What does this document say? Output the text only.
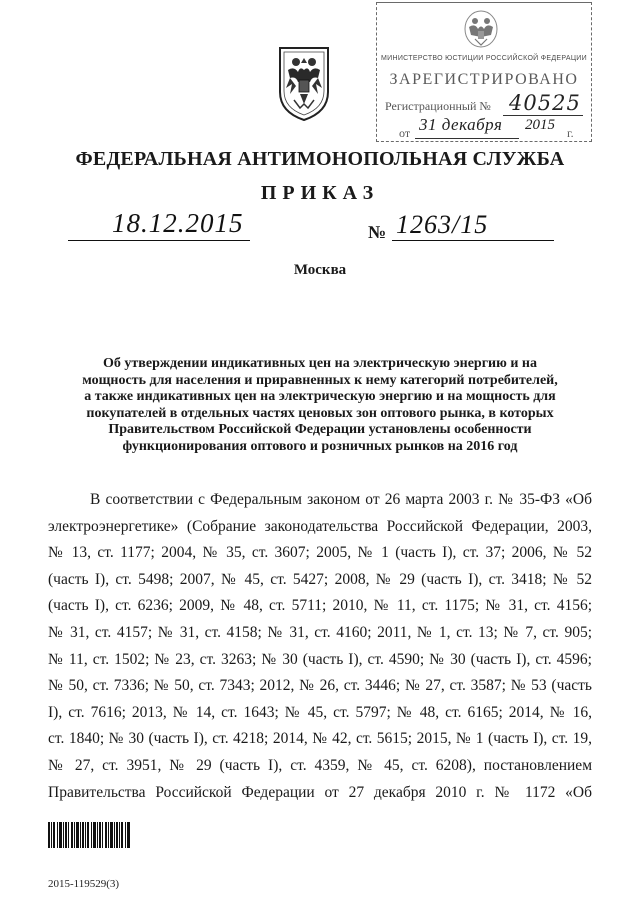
МИНИСТЕРСТВО ЮСТИЦИИ РОССИЙСКОЙ ФЕДЕРАЦИИ
ЗАРЕГИСТРИРОВАНО
Регистрационный № 40525
от 31 декабря 2015 г.
ФЕДЕРАЛЬНАЯ АНТИМОНОПОЛЬНАЯ СЛУЖБА
ПРИКАЗ
18.12.2015	№ 1263/15
Москва
Об утверждении индикативных цен на электрическую энергию и на
мощность для населения и приравненных к нему категорий потребителей,
а также индикативных цен на электрическую энергию и на мощность для
покупателей в отдельных частях ценовых зон оптового рынка, в которых
Правительством Российской Федерации установлены особенности
функционирования оптового и розничных рынков на 2016 год
В соответствии с Федеральным законом от 26 марта 2003 г. № 35-ФЗ «Об
электроэнергетике» (Собрание законодательства Российской Федерации, 2003,
№ 13, ст. 1177; 2004, № 35, ст. 3607; 2005, № 1 (часть I), ст. 37; 2006, № 52
(часть I), ст. 5498; 2007, № 45, ст. 5427; 2008, № 29 (часть I), ст. 3418; № 52
(часть I), ст. 6236; 2009, № 48, ст. 5711; 2010, № 11, ст. 1175; № 31, ст. 4156;
№ 31, ст. 4157; № 31, ст. 4158; № 31, ст. 4160; 2011, № 1, ст. 13; № 7, ст. 905;
№ 11, ст. 1502; № 23, ст. 3263; № 30 (часть I), ст. 4590; № 30 (часть I), ст. 4596;
№ 50, ст. 7336; № 50, ст. 7343; 2012, № 26, ст. 3446; № 27, ст. 3587; № 53 (часть
I), ст. 7616; 2013, № 14, ст. 1643; № 45, ст. 5797; № 48, ст. 6165; 2014, № 16,
ст. 1840; № 30 (часть I), ст. 4218; 2014, № 42, ст. 5615; 2015, № 1 (часть I), ст. 19,
№ 27, ст. 3951, № 29 (часть I), ст. 4359, № 45, ст. 6208), постановлением
Правительства Российской Федерации от 27 декабря 2010 г. № 1172 «Об
2015-119529(3)
